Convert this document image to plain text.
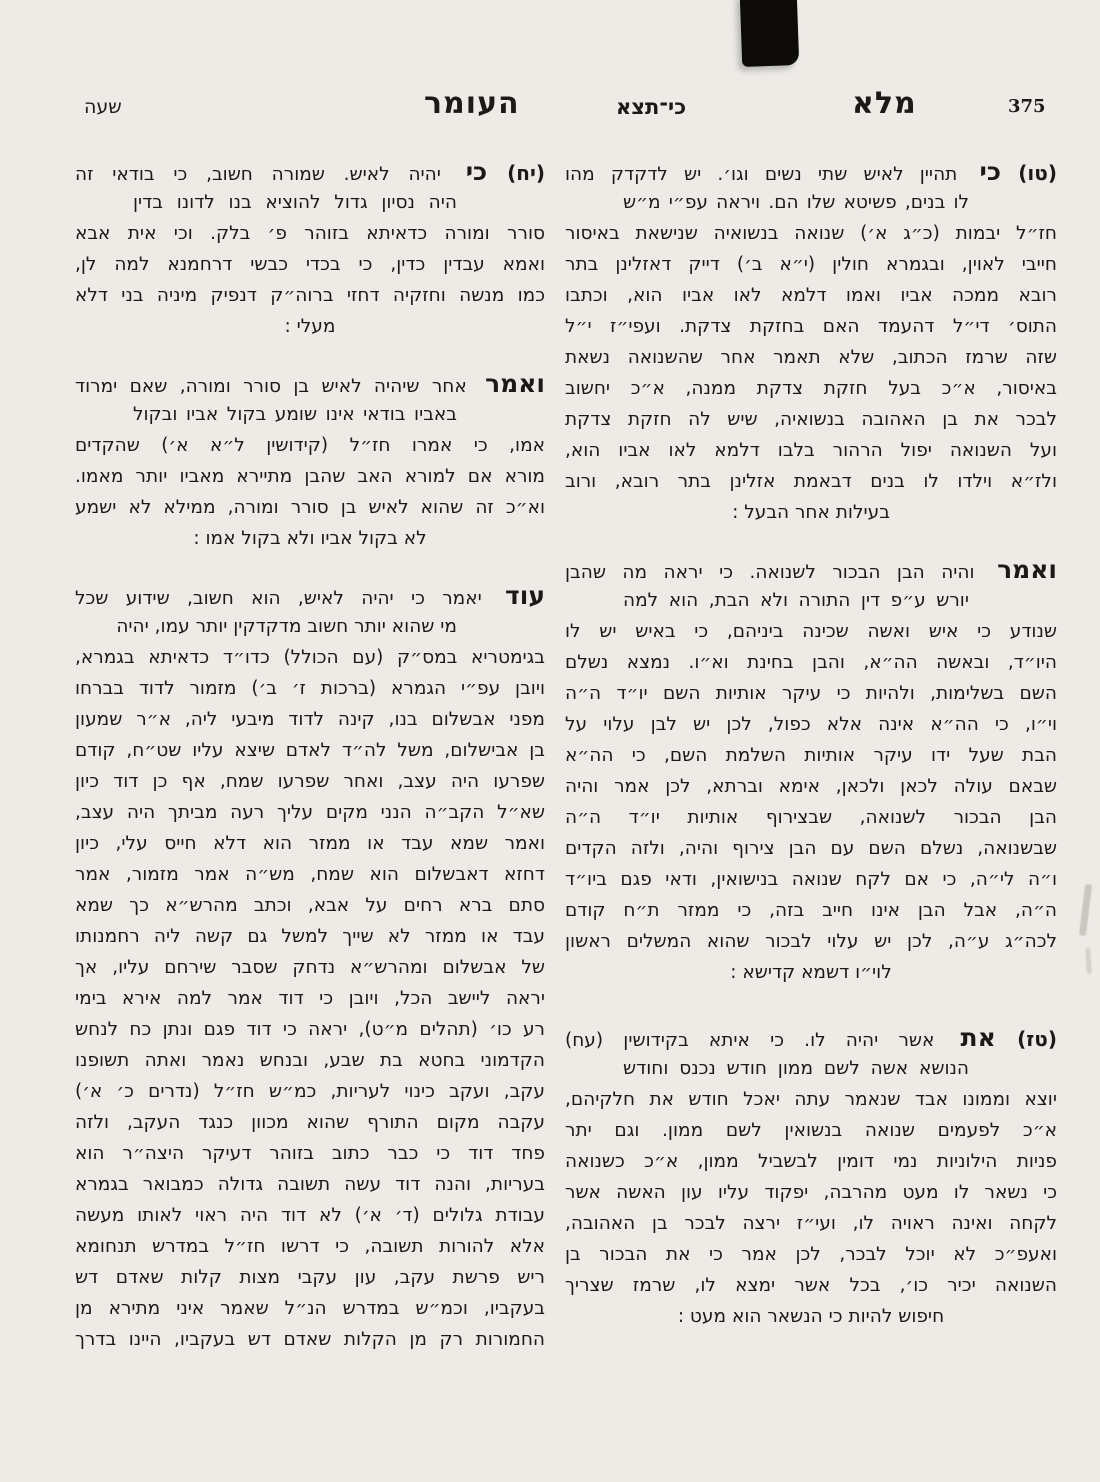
מלא
כי־תצא
העומר
שעה	375
(טו) כי תהיין לאיש שתי נשים וגו׳. יש לדקדק מהו
לו בנים, פשיטא שלו הם. ויראה עפ״י מ״ש
חז״ל יבמות (כ״ג א׳) שנואה בנשואיה שנישאת באיסור
חייבי לאוין, ובגמרא חולין (י״א ב׳) דייק דאזלינן בתר
רובא ממכה אביו ואמו דלמא לאו אביו הוא, וכתבו
התוס׳ די״ל דהעמד האם בחזקת צדקת. ועפי״ז י״ל
שזה שרמז הכתוב, שלא תאמר אחר שהשנואה נשאת
באיסור, א״כ בעל חזקת צדקת ממנה, א״כ יחשוב
לבכר את בן האהובה בנשואיה, שיש לה חזקת צדקת
ועל השנואה יפול הרהור בלבו דלמא לאו אביו הוא,
ולז״א וילדו לו בנים דבאמת אזלינן בתר רובא, ורוב
בעילות אחר הבעל :
ואמר והיה הבן הבכור לשנואה. כי יראה מה שהבן
יורש ע״פ דין התורה ולא הבת, הוא למה
שנודע כי איש ואשה שכינה ביניהם, כי באיש יש לו
היו״ד, ובאשה הה״א, והבן בחינת וא״ו. נמצא נשלם
השם בשלימות, ולהיות כי עיקר אותיות השם יו״ד ה״ה
וי״ו, כי הה״א אינה אלא כפול, לכן יש לבן עלוי על
הבת שעל ידו עיקר אותיות השלמת השם, כי הה״א
שבאם עולה לכאן ולכאן, אימא וברתא, לכן אמר והיה
הבן הבכור לשנואה, שבצירוף אותיות יו״ד ה״ה
שבשנואה, נשלם השם עם הבן צירוף והיה, ולזה הקדים
ו״ה לי״ה, כי אם לקח שנואה בנישואין, ודאי פגם ביו״ד
ה״ה, אבל הבן אינו חייב בזה, כי ממזר ת״ח קודם
לכה״ג ע״ה, לכן יש עלוי לבכור שהוא המשלים ראשון
לוי״ו דשמא קדישא :
(טז) את אשר יהיה לו. כי איתא בקידושין (עח)
הנושא אשה לשם ממון חודש נכנס וחודש
יוצא וממונו אבד שנאמר עתה יאכל חודש את חלקיהם,
א״כ לפעמים שנואה בנשואין לשם ממון. וגם יתר
פניות הילוניות נמי דומין לבשביל ממון, א״כ כשנואה
כי נשאר לו מעט מהרבה, יפקוד עליו עון האשה אשר
לקחה ואינה ראויה לו, ועי״ז ירצה לבכר בן האהובה,
ואעפ״כ לא יוכל לבכר, לכן אמר כי את הבכור בן
השנואה יכיר כו׳, בכל אשר ימצא לו, שרמז שצריך
חיפוש להיות כי הנשאר הוא מעט :
(יח) כי יהיה לאיש. שמורה חשוב, כי בודאי זה
היה נסיון גדול להוציא בנו לדונו בדין
סורר ומורה כדאיתא בזוהר פ׳ בלק. וכי אית אבא
ואמא עבדין כדין, כי בכדי כבשי דרחמנא למה לן,
כמו מנשה וחזקיה דחזי ברוה״ק דנפיק מיניה בני דלא
מעלי :
ואמר אחר שיהיה לאיש בן סורר ומורה, שאם ימרוד
באביו בודאי אינו שומע בקול אביו ובקול
אמו, כי אמרו חז״ל (קידושין ל״א א׳) שהקדים
מורא אם למורא האב שהבן מתיירא מאביו יותר מאמו.
וא״כ זה שהוא לאיש בן סורר ומורה, ממילא לא ישמע
לא בקול אביו ולא בקול אמו :
עוד יאמר כי יהיה לאיש, הוא חשוב, שידוע שכל
מי שהוא יותר חשוב מדקדקין יותר עמו, יהיה
בגימטריא במס״ק (עם הכולל) כדו״ד כדאיתא בגמרא,
ויובן עפ״י הגמרא (ברכות ז׳ ב׳) מזמור לדוד בברחו
מפני אבשלום בנו, קינה לדוד מיבעי ליה, א״ר שמעון
בן אבישלום, משל לה״ד לאדם שיצא עליו שט״ח, קודם
שפרעו היה עצב, ואחר שפרעו שמח, אף כן דוד כיון
שא״ל הקב״ה הנני מקים עליך רעה מביתך היה עצב,
ואמר שמא עבד או ממזר הוא דלא חייס עלי, כיון
דחזא דאבשלום הוא שמח, מש״ה אמר מזמור, אמר
סתם ברא רחים על אבא, וכתב מהרש״א כך שמא
עבד או ממזר לא שייך למשל גם קשה ליה רחמנותו
של אבשלום ומהרש״א נדחק שסבר שירחם עליו, אך
יראה ליישב הכל, ויובן כי דוד אמר למה אירא בימי
רע כו׳ (תהלים מ״ט), יראה כי דוד פגם ונתן כח לנחש
הקדמוני בחטא בת שבע, ובנחש נאמר ואתה תשופנו
עקב, ועקב כינוי לעריות, כמ״ש חז״ל (נדרים כ׳ א׳)
עקבה מקום התורף שהוא מכוון כנגד העקב, ולזה
פחד דוד כי כבר כתוב בזוהר דעיקר היצה״ר הוא
בעריות, והנה דוד עשה תשובה גדולה כמבואר בגמרא
עבודת גלולים (ד׳ א׳) לא דוד היה ראוי לאותו מעשה
אלא להורות תשובה, כי דרשו חז״ל במדרש תנחומא
ריש פרשת עקב, עון עקבי מצות קלות שאדם דש
בעקביו, וכמ״ש במדרש הנ״ל שאמר איני מתירא מן
החמורות רק מן הקלות שאדם דש בעקביו, היינו בדרך
